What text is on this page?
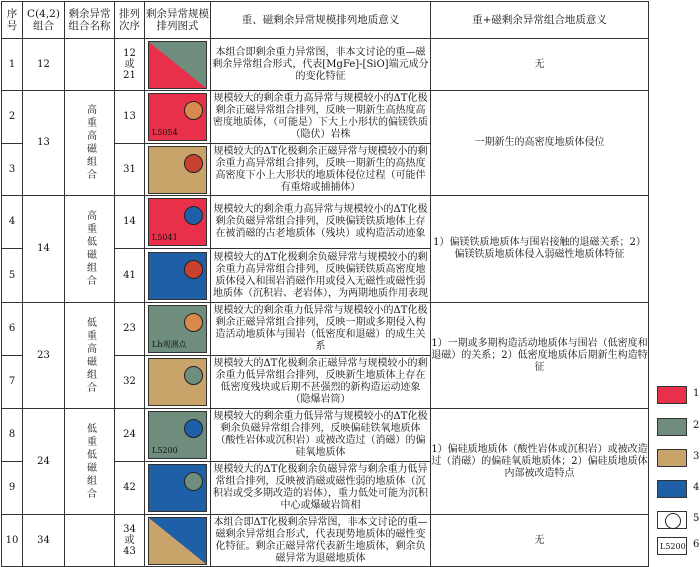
序号	C(4,2)组合	剩余异常组合名称	排列次序	剩余异常规模排列图式	重、磁剩余异常规模排列地质意义	重+磁剩余异常组合地质意义
1	12		12或21		本组合即剩余重力异常图，非本文讨论的重—磁剩余异常组合形式，代表[MgFe]-[SiO]端元成分的变化特征	无
2	13	高重高磁组合	13	L5054	规模较大的剩余重力高异常与规模较小的ΔT化极剩余正磁异常组合排列，反映一期新生高热度高密度地质体，（可能是）下大上小形状的偏镁铁质（隐伏）岩株	一期新生的高密度地质体侵位
3			31		规模较大的ΔT化极剩余正磁异常与规模较小的剩余重力高异常组合排列，反映一期新生的高热度高密度下小上大形状的地质体侵位过程（可能伴有重熔或捕捕体）	
4	14	高重低磁组合	14	L5041	规模较大的剩余重力高异常与规模较小的ΔT化极剩余负磁异常组合排列，反映偏镁铁质地体上存在被消磁的古老地质体（残块）或构造活动迹象	1）偏镁铁质地质体与围岩接触的退磁关系；2）偏镁铁质地质体侵入弱磁性地质体特征
5			41		规模较大的ΔT化极剩余负磁异常与规模较小的剩余重力高异常组合排列，反映偏镁铁质高密度地质体侵入和围岩消磁作用或侵入无磁性或磁性弱地质体（沉积岩、老岩体），为两期地质作用表现	
6	23	低重高磁组合	23	Lh观测点	规模较大的剩余重力低异常与规模较小的ΔT化极剩余正磁异常组合排列，反映一期或多期侵入构造活动地质体与围岩（低密度和退磁）的成生关系	1）一期或多期构造活动地质体与围岩（低密度和退磁）的关系；2）低密度地质体后期新生构造特征
7			32		规模较大的ΔT化极剩余正磁异常与规模较小的剩余重力低异常组合排列，反映新生地质体上存在低密度残块或后期不甚强烈的新构造运动迹象（隐爆岩筒）	
8	24	低重低磁组合	24	L5200	规模较大的剩余重力低异常与规模较小的ΔT化极剩余负磁异常组合排列，反映偏硅铁氧地质体（酸性岩体或沉积岩）或被改造过（消磁）的偏硅氧地质体	1）偏硅质地质体（酸性岩体或沉积岩）或被改造过（消磁）的偏硅氧质地质体；2）偏硅质地质体内部被改造特点
9			42		规模较大的ΔT化极剩余负磁异常与剩余重力低异常组合排列，反映被消磁或磁性弱的地质体（沉积岩或受多期改造的岩体），重力低处可能为沉积中心或爆破岩筒相	
10	34		34或43		本组合即ΔT化极剩余异常图，非本文讨论的重—磁剩余异常组合形式，代表现势地质体的磁性变化特征。剩余正磁异常代表新生地质体，剩余负磁异常为退磁地质体	无
1
2
3
4
5
L5200 6
